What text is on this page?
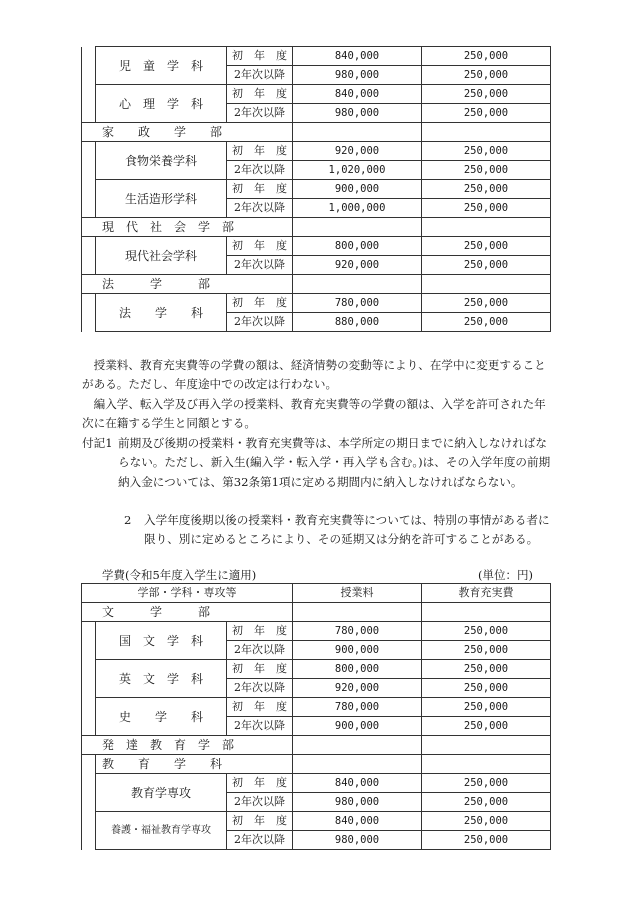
	児　童　学　科	初　年　度	840,000	250,000
		2年次以降	980,000	250,000
	心　理　学　科	初　年　度	840,000	250,000
		2年次以降	980,000	250,000
家　　政　　学　　部				
	食物栄養学科	初　年　度	920,000	250,000
		2年次以降	1,020,000	250,000
	生活造形学科	初　年　度	900,000	250,000
		2年次以降	1,000,000	250,000
現　代　社　会　学　部				
	現代社会学科	初　年　度	800,000	250,000
		2年次以降	920,000	250,000
法　　　学　　　部				
	法　　学　　科	初　年　度	780,000	250,000
		2年次以降	880,000	250,000

授業料、教育充実費等の学費の額は、経済情勢の変動等により、在学中に変更することがある。ただし、年度途中での改定は行わない。

編入学、転入学及び再入学の授業料、教育充実費等の学費の額は、入学を許可された年次に在籍する学生と同額とする。

付記1 前期及び後期の授業料・教育充実費等は、本学所定の期日までに納入しなければならない。ただし、新入生(編入学・転入学・再入学も含む。)は、その入学年度の前期納入金については、第32条第1項に定める期間内に納入しなければならない。
2	入学年度後期以後の授業料・教育充実費等については、特別の事情がある者に限り、別に定めるところにより、その延期又は分納を許可することがある。
学費(令和5年度入学生に適用)	(単位：円)
学部・学科・専攻等			授業料	教育充実費
文　　　学　　　部				
	国　文　学　科	初　年　度	780,000	250,000
		2年次以降	900,000	250,000
	英　文　学　科	初　年　度	800,000	250,000
		2年次以降	920,000	250,000
	史　　学　　科	初　年　度	780,000	250,000
		2年次以降	900,000	250,000
発　達　教　育　学　部				
	教　　育　　学　　科			
	教育学専攻	初　年　度	840,000	250,000
		2年次以降	980,000	250,000
	養護・福祉教育学専攻	初　年　度	840,000	250,000
		2年次以降	980,000	250,000
